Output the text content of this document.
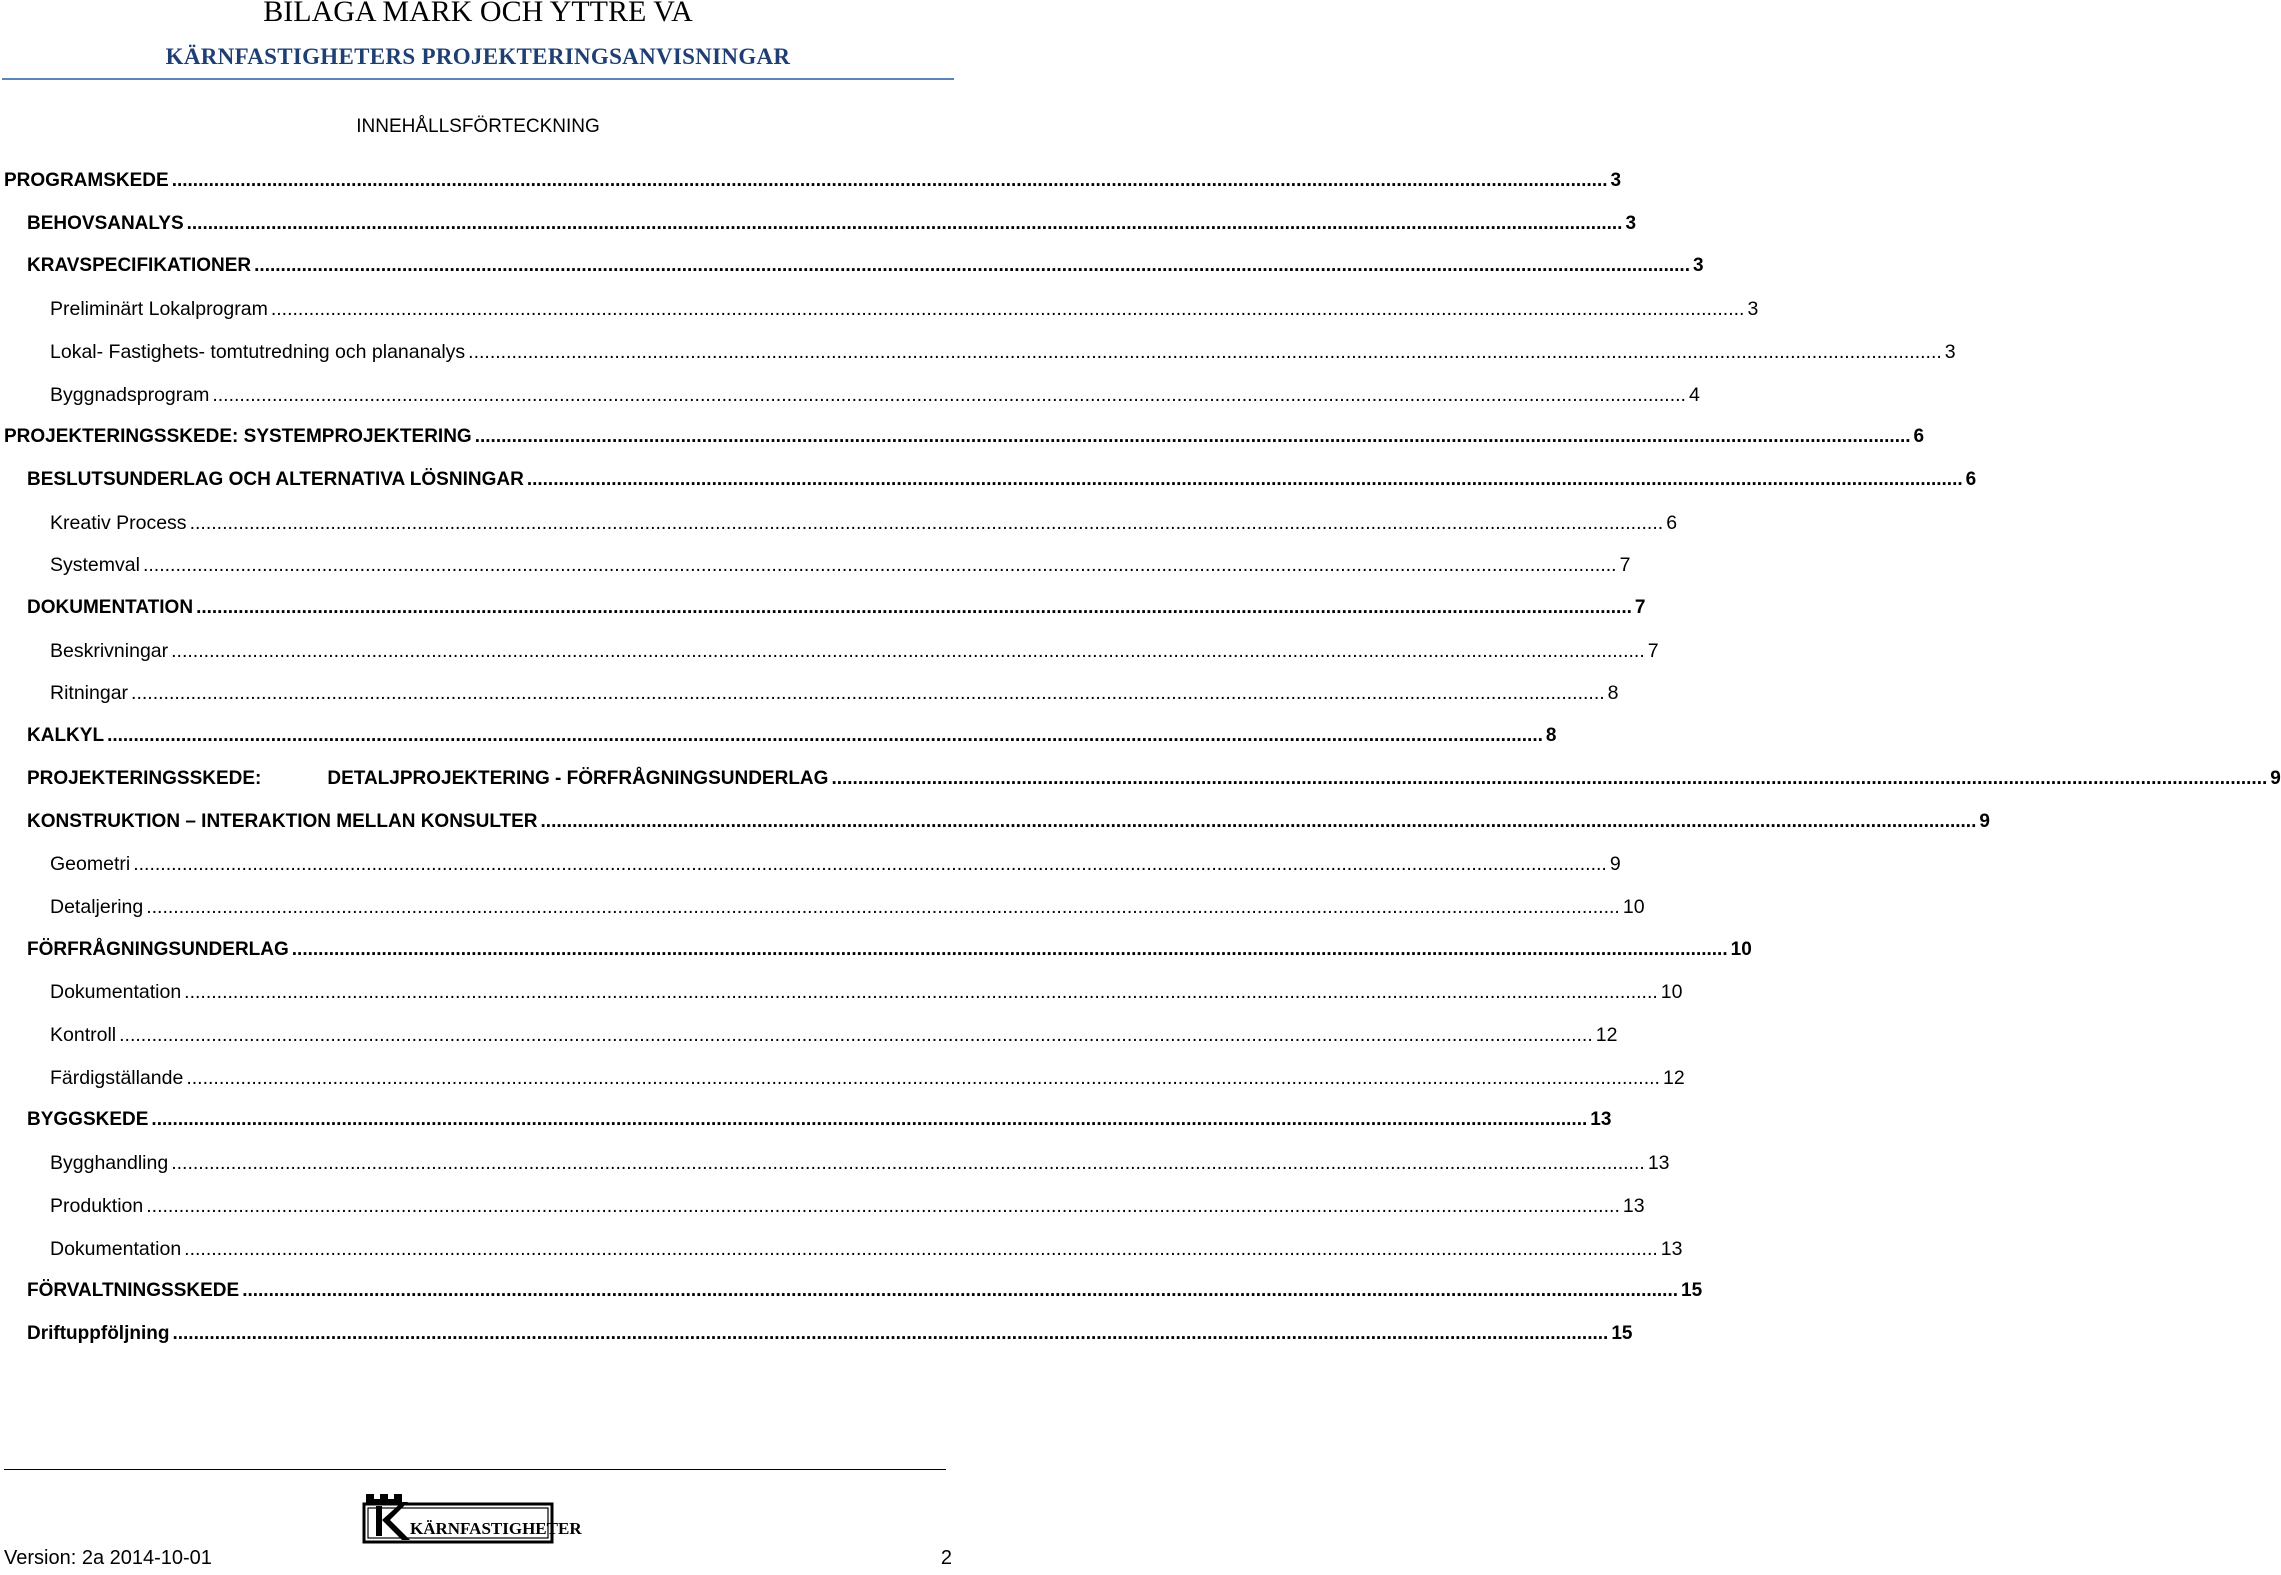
BILAGA MARK OCH YTTRE VA
KÄRNFASTIGHETERS PROJEKTERINGSANVISNINGAR
INNEHÅLLSFÖRTECKNING
PROGRAMSKEDE .....	3
BEHOVSANALYS .....	3
KRAVSPECIFIKATIONER .....	3
Preliminärt Lokalprogram .....	3
Lokal- Fastighets- tomtutredning och plananalys .....	3
Byggnadsprogram .....	4
PROJEKTERINGSSKEDE: SYSTEMPROJEKTERING .....	6
BESLUTSUNDERLAG OCH ALTERNATIVA LÖSNINGAR .....	6
Kreativ Process .....	6
Systemval .....	7
DOKUMENTATION .....	7
Beskrivningar .....	7
Ritningar .....	8
KALKYL .....	8
PROJEKTERINGSSKEDE:	DETALJPROJEKTERING - FÖRFRÅGNINGSUNDERLAG .....	9
KONSTRUKTION – INTERAKTION MELLAN KONSULTER .....	9
Geometri .....	9
Detaljering .....	10
FÖRFRÅGNINGSUNDERLAG .....	10
Dokumentation .....	10
Kontroll .....	12
Färdigställande .....	12
BYGGSKEDE .....	13
Bygghandling .....	13
Produktion .....	13
Dokumentation .....	13
FÖRVALTNINGSSKEDE .....	15
Driftuppföljning .....	15
KÄRNFASTIGHETER
Version: 2a 2014-10-01	2
